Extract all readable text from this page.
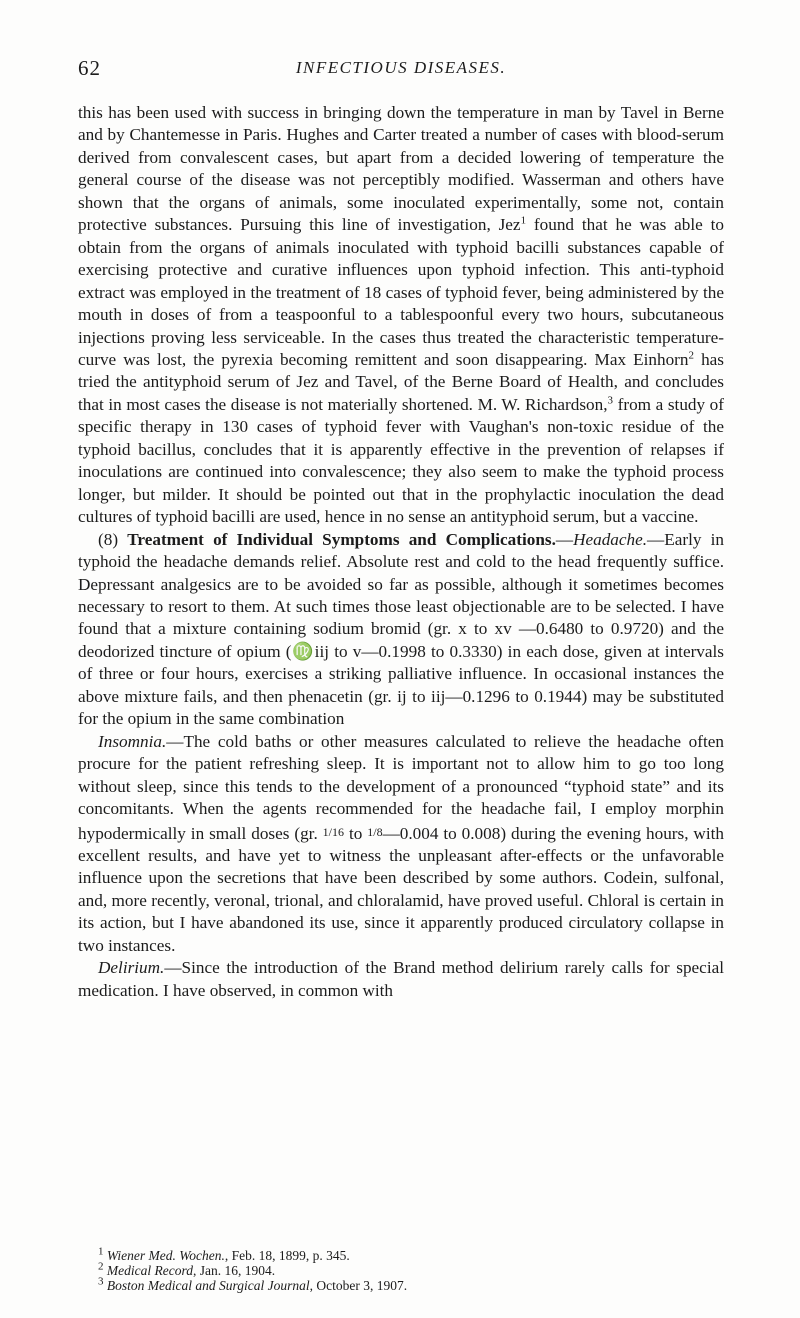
62	INFECTIOUS DISEASES.

this has been used with success in bringing down the temperature in man by Tavel in Berne and by Chantemesse in Paris. Hughes and Carter treated a number of cases with blood-serum derived from convalescent cases, but apart from a decided lowering of temperature the general course of the disease was not perceptibly modified. Wasserman and others have shown that the organs of animals, some inoculated experimentally, some not, contain protective substances. Pursuing this line of investigation, Jez$^1$ found that he was able to obtain from the organs of animals inoculated with typhoid bacilli substances capable of exercising protective and curative influences upon typhoid infection. This anti-typhoid extract was employed in the treatment of 18 cases of typhoid fever, being administered by the mouth in doses of from a teaspoonful to a tablespoonful every two hours, subcutaneous injections proving less serviceable. In the cases thus treated the characteristic temperature-curve was lost, the pyrexia becoming remittent and soon disappearing. Max Einhorn$^2$ has tried the antityphoid serum of Jez and Tavel, of the Berne Board of Health, and concludes that in most cases the disease is not materially shortened. M. W. Richardson,$^3$ from a study of specific therapy in 130 cases of typhoid fever with Vaughan's non-toxic residue of the typhoid bacillus, concludes that it is apparently effective in the prevention of relapses if inoculations are continued into convalescence; they also seem to make the typhoid process longer, but milder. It should be pointed out that in the prophylactic inoculation the dead cultures of typhoid bacilli are used, hence in no sense an antityphoid serum, but a vaccine.

(8) Treatment of Individual Symptoms and Complications.—Headache.—Early in typhoid the headache demands relief. Absolute rest and cold to the head frequently suffice. Depressant analgesics are to be avoided so far as possible, although it sometimes becomes necessary to resort to them. At such times those least objectionable are to be selected. I have found that a mixture containing sodium bromid (gr. x to xv —0.6480 to 0.9720) and the deodorized tincture of opium (♍iij to v—0.1998 to 0.3330) in each dose, given at intervals of three or four hours, exercises a striking palliative influence. In occasional instances the above mixture fails, and then phenacetin (gr. ij to iij—0.1296 to 0.1944) may be substituted for the opium in the same combination

Insomnia.—The cold baths or other measures calculated to relieve the headache often procure for the patient refreshing sleep. It is important not to allow him to go too long without sleep, since this tends to the development of a pronounced “typhoid state” and its concomitants. When the agents recommended for the headache fail, I employ morphin hypodermically in small doses (gr. 1/16 to 1/8—0.004 to 0.008) during the evening hours, with excellent results, and have yet to witness the unpleasant after-effects or the unfavorable influence upon the secretions that have been described by some authors. Codein, sulfonal, and, more recently, veronal, trional, and chloralamid, have proved useful. Chloral is certain in its action, but I have abandoned its use, since it apparently produced circulatory collapse in two instances.

Delirium.—Since the introduction of the Brand method delirium rarely calls for special medication. I have observed, in common with

$^1$ Wiener Med. Wochen., Feb. 18, 1899, p. 345.
$^2$ Medical Record, Jan. 16, 1904.
$^3$ Boston Medical and Surgical Journal, October 3, 1907.
